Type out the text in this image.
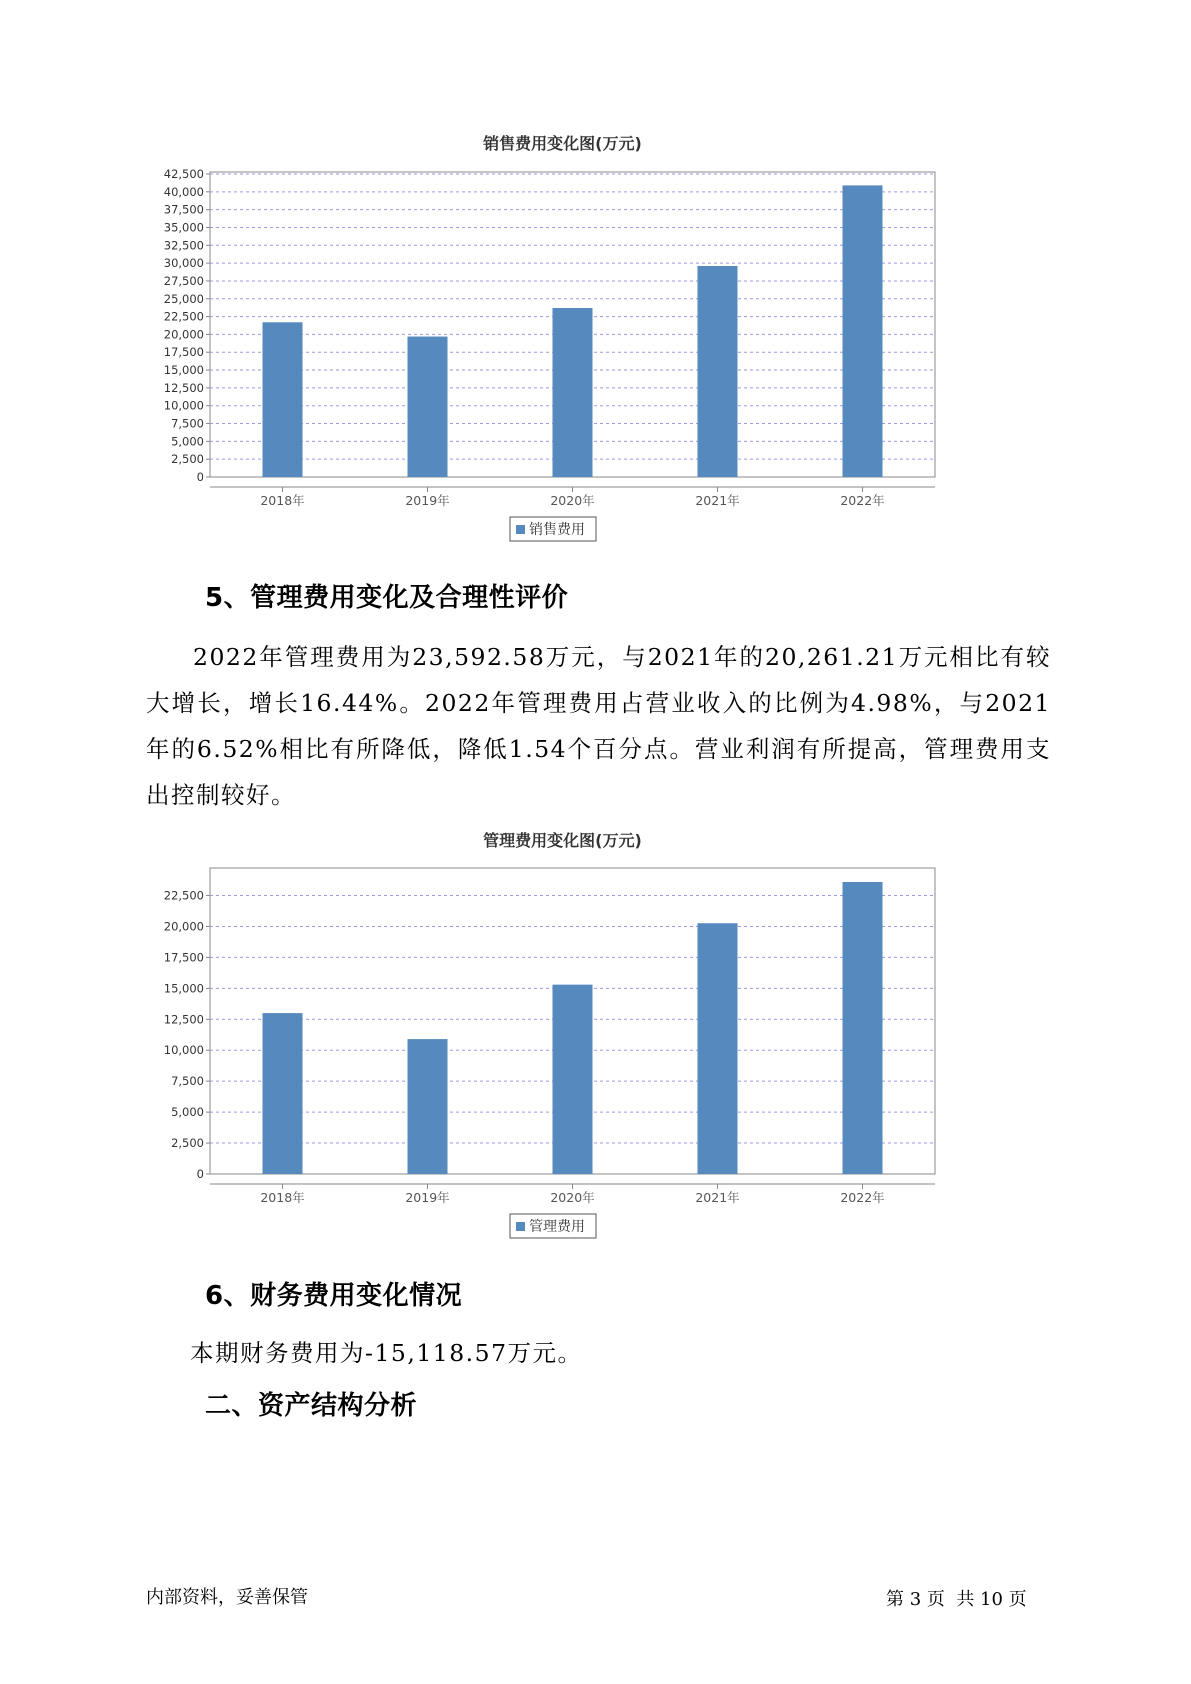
销售费用变化图(万元)
0
2,500
5,000
7,500
10,000
12,500
15,000
17,500
20,000
22,500
25,000
27,500
30,000
32,500
35,000
37,500
40,000
42,500
2018年	2019年	2020年	2021年	2022年
销售费用
5、管理费用变化及合理性评价

2022年管理费用为23,592.58万元，与2021年的20,261.21万元相比有较大增长，增长16.44%。2022年管理费用占营业收入的比例为4.98%，与2021年的6.52%相比有所降低，降低1.54个百分点。营业利润有所提高，管理费用支出控制较好。

管理费用变化图(万元)
0
2,500
5,000
7,500
10,000
12,500
15,000
17,500
20,000
22,500
2018年	2019年	2020年	2021年	2022年
管理费用
6、财务费用变化情况

本期财务费用为-15,118.57万元。

二、资产结构分析
内部资料，妥善保管	第 3 页  共 10 页
